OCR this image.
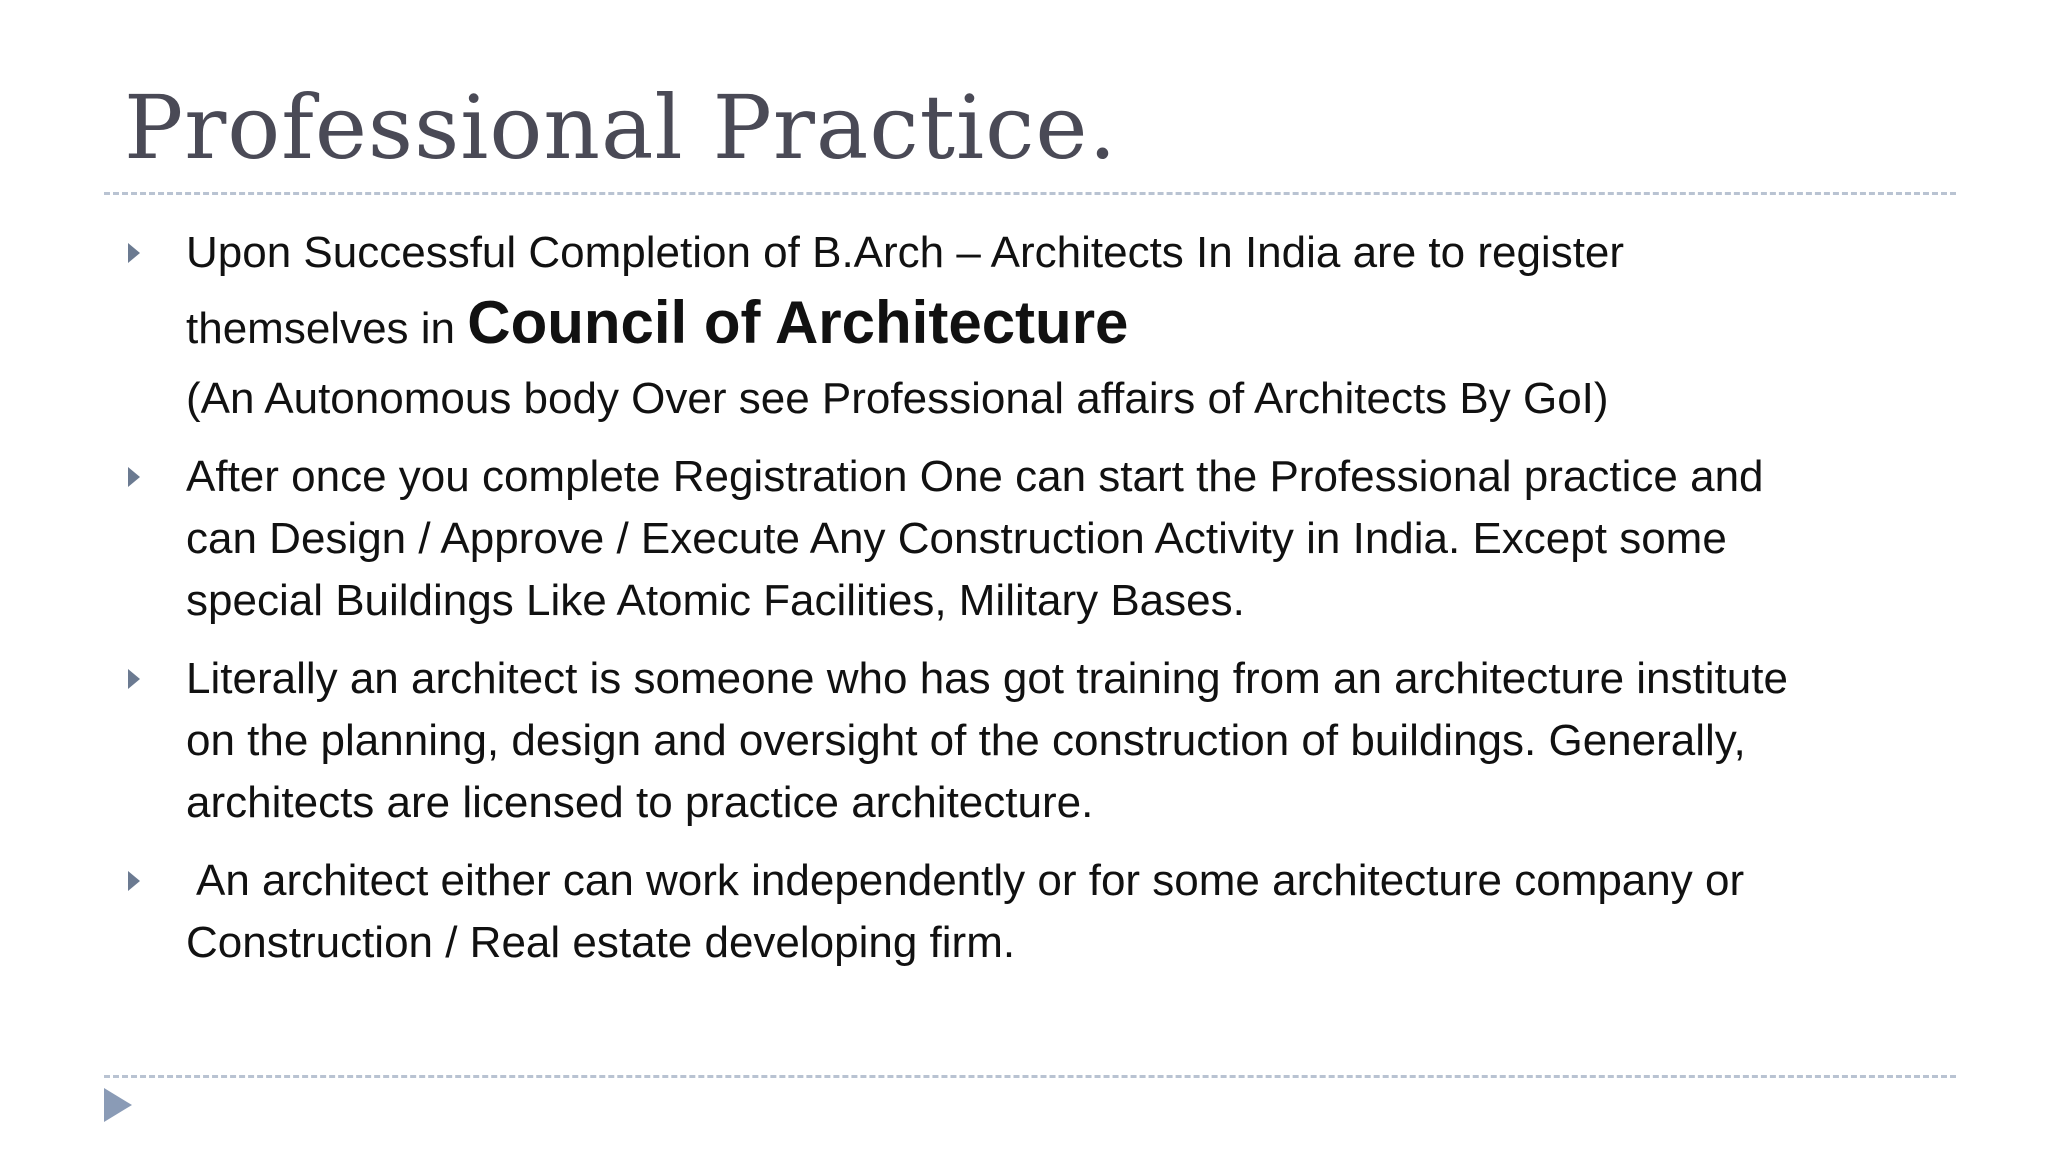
Professional Practice.
Upon Successful Completion of B.Arch – Architects In India are to register
themselves in Council of Architecture
(An Autonomous body Over see Professional affairs of Architects By GoI)
After once you complete Registration One can start the Professional practice and
can Design / Approve / Execute Any Construction Activity in India. Except some
special Buildings Like Atomic Facilities, Military Bases.
Literally an architect is someone who has got training from an architecture institute
on the planning, design and oversight of the construction of buildings. Generally,
architects are licensed to practice architecture.
An architect either can work independently or for some architecture company or
Construction / Real estate developing firm.
